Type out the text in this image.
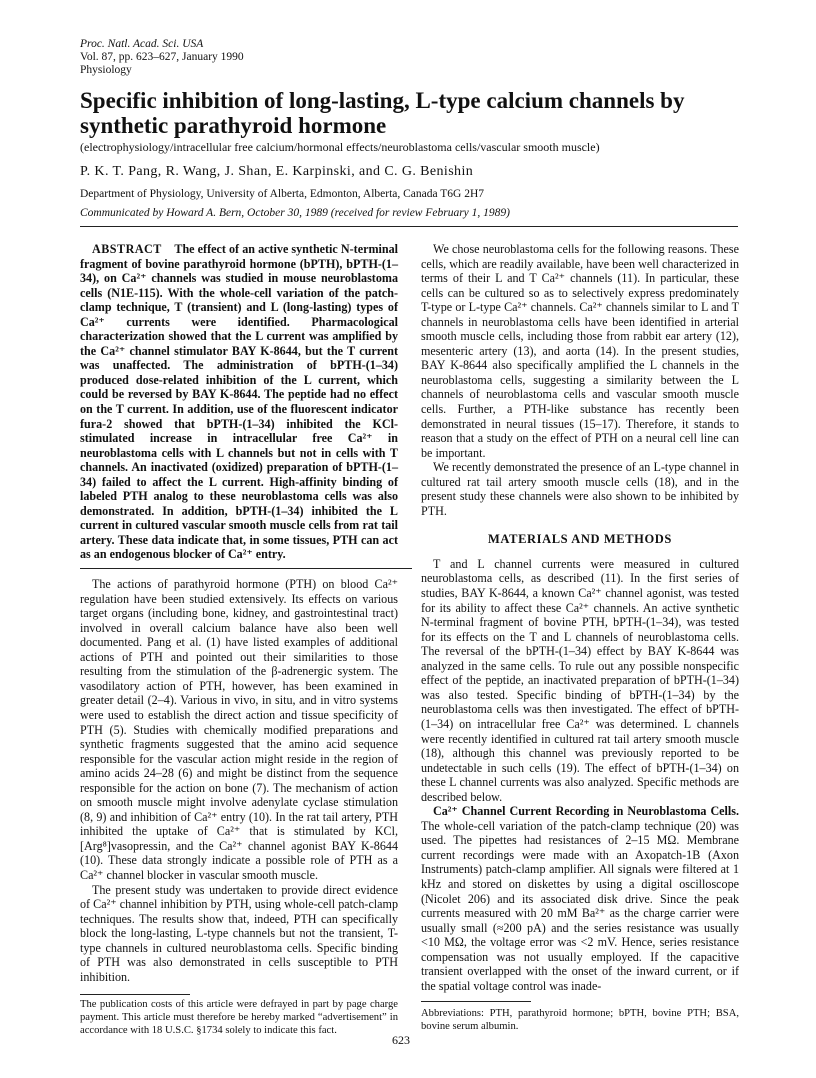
Proc. Natl. Acad. Sci. USA
Vol. 87, pp. 623–627, January 1990
Physiology
Specific inhibition of long-lasting, L-type calcium channels by synthetic parathyroid hormone
(electrophysiology/intracellular free calcium/hormonal effects/neuroblastoma cells/vascular smooth muscle)
P. K. T. Pang, R. Wang, J. Shan, E. Karpinski, and C. G. Benishin
Department of Physiology, University of Alberta, Edmonton, Alberta, Canada T6G 2H7
Communicated by Howard A. Bern, October 30, 1989 (received for review February 1, 1989)

ABSTRACT The effect of an active synthetic N-terminal fragment of bovine parathyroid hormone (bPTH), bPTH-(1–34), on Ca²⁺ channels was studied in mouse neuroblastoma cells (N1E-115). With the whole-cell variation of the patch-clamp technique, T (transient) and L (long-lasting) types of Ca²⁺ currents were identified. Pharmacological characterization showed that the L current was amplified by the Ca²⁺ channel stimulator BAY K-8644, but the T current was unaffected. The administration of bPTH-(1–34) produced dose-related inhibition of the L current, which could be reversed by BAY K-8644. The peptide had no effect on the T current. In addition, use of the fluorescent indicator fura-2 showed that bPTH-(1–34) inhibited the KCl-stimulated increase in intracellular free Ca²⁺ in neuroblastoma cells with L channels but not in cells with T channels. An inactivated (oxidized) preparation of bPTH-(1–34) failed to affect the L current. High-affinity binding of labeled PTH analog to these neuroblastoma cells was also demonstrated. In addition, bPTH-(1–34) inhibited the L current in cultured vascular smooth muscle cells from rat tail artery. These data indicate that, in some tissues, PTH can act as an endogenous blocker of Ca²⁺ entry.

The actions of parathyroid hormone (PTH) on blood Ca²⁺ regulation have been studied extensively. Its effects on various target organs (including bone, kidney, and gastrointestinal tract) involved in overall calcium balance have also been well documented. Pang et al. (1) have listed examples of additional actions of PTH and pointed out their similarities to those resulting from the stimulation of the β-adrenergic system. The vasodilatory action of PTH, however, has been examined in greater detail (2–4). Various in vivo, in situ, and in vitro systems were used to establish the direct action and tissue specificity of PTH (5). Studies with chemically modified preparations and synthetic fragments suggested that the amino acid sequence responsible for the vascular action might reside in the region of amino acids 24–28 (6) and might be distinct from the sequence responsible for the action on bone (7). The mechanism of action on smooth muscle might involve adenylate cyclase stimulation (8, 9) and inhibition of Ca²⁺ entry (10). In the rat tail artery, PTH inhibited the uptake of Ca²⁺ that is stimulated by KCl, [Arg⁸]vasopressin, and the Ca²⁺ channel agonist BAY K-8644 (10). These data strongly indicate a possible role of PTH as a Ca²⁺ channel blocker in vascular smooth muscle.

The present study was undertaken to provide direct evidence of Ca²⁺ channel inhibition by PTH, using whole-cell patch-clamp techniques. The results show that, indeed, PTH can specifically block the long-lasting, L-type channels but not the transient, T-type channels in cultured neuroblastoma cells. Specific binding of PTH was also demonstrated in cells susceptible to PTH inhibition.

The publication costs of this article were defrayed in part by page charge payment. This article must therefore be hereby marked “advertisement” in accordance with 18 U.S.C. §1734 solely to indicate this fact.

We chose neuroblastoma cells for the following reasons. These cells, which are readily available, have been well characterized in terms of their L and T Ca²⁺ channels (11). In particular, these cells can be cultured so as to selectively express predominately T-type or L-type Ca²⁺ channels. Ca²⁺ channels similar to L and T channels in neuroblastoma cells have been identified in arterial smooth muscle cells, including those from rabbit ear artery (12), mesenteric artery (13), and aorta (14). In the present studies, BAY K-8644 also specifically amplified the L channels in the neuroblastoma cells, suggesting a similarity between the L channels of neuroblastoma cells and vascular smooth muscle cells. Further, a PTH-like substance has recently been demonstrated in neural tissues (15–17). Therefore, it stands to reason that a study on the effect of PTH on a neural cell line can be important.

We recently demonstrated the presence of an L-type channel in cultured rat tail artery smooth muscle cells (18), and in the present study these channels were also shown to be inhibited by PTH.

MATERIALS AND METHODS

T and L channel currents were measured in cultured neuroblastoma cells, as described (11). In the first series of studies, BAY K-8644, a known Ca²⁺ channel agonist, was tested for its ability to affect these Ca²⁺ channels. An active synthetic N-terminal fragment of bovine PTH, bPTH-(1–34), was tested for its effects on the T and L channels of neuroblastoma cells. The reversal of the bPTH-(1–34) effect by BAY K-8644 was analyzed in the same cells. To rule out any possible nonspecific effect of the peptide, an inactivated preparation of bPTH-(1–34) was also tested. Specific binding of bPTH-(1–34) by the neuroblastoma cells was then investigated. The effect of bPTH-(1–34) on intracellular free Ca²⁺ was determined. L channels were recently identified in cultured rat tail artery smooth muscle (18), although this channel was previously reported to be undetectable in such cells (19). The effect of bPTH-(1–34) on these L channel currents was also analyzed. Specific methods are described below.

Ca²⁺ Channel Current Recording in Neuroblastoma Cells. The whole-cell variation of the patch-clamp technique (20) was used. The pipettes had resistances of 2–15 MΩ. Membrane current recordings were made with an Axopatch-1B (Axon Instruments) patch-clamp amplifier. All signals were filtered at 1 kHz and stored on diskettes by using a digital oscilloscope (Nicolet 206) and its associated disk drive. Since the peak currents measured with 20 mM Ba²⁺ as the charge carrier were usually small (≈200 pA) and the series resistance was usually <10 MΩ, the voltage error was <2 mV. Hence, series resistance compensation was not usually employed. If the capacitive transient overlapped with the onset of the inward current, or if the spatial voltage control was inade-

Abbreviations: PTH, parathyroid hormone; bPTH, bovine PTH; BSA, bovine serum albumin.

623
